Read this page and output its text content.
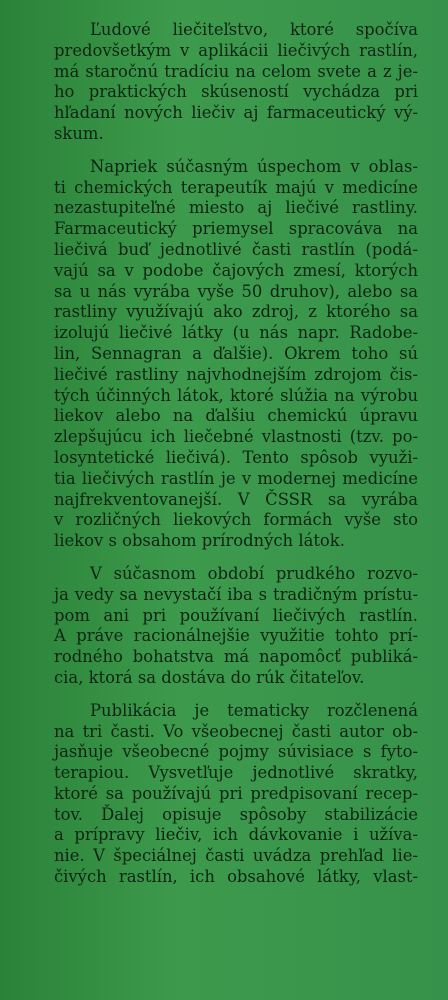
Ľudové liečiteľstvo, ktoré spočíva
predovšetkým v aplikácii liečivých rastlín,
má staročnú tradíciu na celom svete a z je-
ho praktických skúseností vychádza pri
hľadaní nových liečiv aj farmaceutický vý-
skum.
Napriek súčasným úspechom v oblas-
ti chemických terapeutík majú v medicíne
nezastupiteľné miesto aj liečivé rastliny.
Farmaceutický priemysel spracováva na
liečivá buď jednotlivé časti rastlín (podá-
vajú sa v podobe čajových zmesí, ktorých
sa u nás vyrába vyše 50 druhov), alebo sa
rastliny využívajú ako zdroj, z ktorého sa
izolujú liečivé látky (u nás napr. Radobe-
lin, Sennagran a ďalšie). Okrem toho sú
liečivé rastliny najvhodnejším zdrojom čis-
tých účinných látok, ktoré slúžia na výrobu
liekov alebo na ďalšiu chemickú úpravu
zlepšujúcu ich liečebné vlastnosti (tzv. po-
losyntetické liečivá). Tento spôsob využi-
tia liečivých rastlín je v modernej medicíne
najfrekventovanejší. V ČSSR sa vyrába
v rozličných liekových formách vyše sto
liekov s obsahom prírodných látok.
V súčasnom období prudkého rozvo-
ja vedy sa nevystačí iba s tradičným prístu-
pom ani pri používaní liečivých rastlín.
A práve racionálnejšie využitie tohto prí-
rodného bohatstva má napomôcť publiká-
cia, ktorá sa dostáva do rúk čitateľov.
Publikácia je tematicky rozčlenená
na tri časti. Vo všeobecnej časti autor ob-
jasňuje všeobecné pojmy súvisiace s fyto-
terapiou. Vysvetľuje jednotlivé skratky,
ktoré sa používajú pri predpisovaní recep-
tov. Ďalej opisuje spôsoby stabilizácie
a prípravy liečiv, ich dávkovanie i užíva-
nie. V špeciálnej časti uvádza prehľad lie-
čivých rastlín, ich obsahové látky, vlast-
